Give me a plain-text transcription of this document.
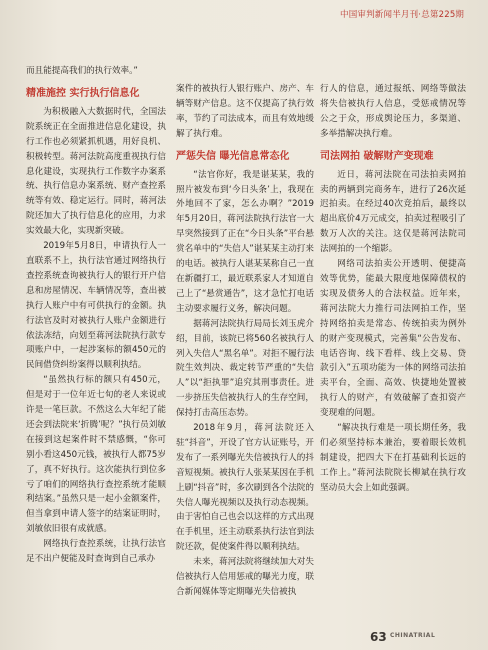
中国审判新闻半月刊·总第225期

而且能提高我们的执行效率。”

精准施控 实行执行信息化

为积极融入大数据时代，全国法院系统正在全面推进信息化建设，执行工作也必须紧抓机遇，用好良机、积极转型。蒋河法院高度重视执行信息化建设，实现执行工作数字办案系统、执行信息办案系统、财产查控系统等有效、稳定运行。同时，蒋河法院还加大了执行信息化的应用，力求实效最大化，实现新突破。

2019年5月8日，申请执行人一直联系不上，执行法官通过网络执行查控系统查询被执行人的银行开户信息和房屋情况、车辆情况等，查出被执行人账户中有可供执行的金额。执行法官及时对被执行人账户金额进行依法冻结，向划至蒋河法院执行款专项账户中，一起涉案标的额450元的民间借贷纠纷案得以顺利执结。

“虽然执行标的额只有450元，但是对于一位年近七旬的老人来说或许是一笔巨款。不然这么大年纪了能还会到法院来‘折腾’呢？”执行员刘敏在接到这起案件时不禁感慨，“你可别小看这450元钱，被执行人都75岁了，真不好执行。这次能执行到位多亏了咱们的网络执行查控系统才能顺利结案。”虽然只是一起小金额案件，但当拿到申请人签字的结案证明时，刘敏依旧很有成就感。

网络执行查控系统，让执行法官足不出户便能及时查询到自己承办

案件的被执行人银行账户、房产、车辆等财产信息。这不仅提高了执行效率，节约了司法成本，而且有效地缓解了执行难。

严惩失信 曝光信息常态化

“法官你好，我是谌某某，我的照片被发布到‘今日头条’上，我现在外地回不了家，怎么办啊？”2019年5月20日，蒋河法院执行法官一大早突然接到了正在“今日头条”平台悬赏名单中的“失信人”谌某某主动打来的电话。被执行人谌某某称自己一直在新疆打工，最近联系家人才知道自己上了“悬赏通告”，这才急忙打电话主动要求履行义务，解决问题。

据蒋河法院执行局局长刘玉虎介绍，目前，该院已将560名被执行人列入失信人“黑名单”。对拒不履行法院生效判决、裁定转节严重的“失信人”以“拒执罪”追究其刑事责任。进一步挤压失信被执行人的生存空间，保持打击高压态势。

2018年9月，蒋河法院还入驻“抖音”，开设了官方认证账号，开发布了一系列曝光失信被执行人的抖音短视频。被执行人张某某因在手机上刷“抖音”时，多次刷到各个法院的失信人曝光视频以及执行动态视频。由于害怕自己也会以这样的方式出现在手机里，还主动联系执行法官到法院还款，促使案件得以顺利执结。

未来，蒋河法院将继续加大对失信被执行人信用惩戒的曝光力度，联合新闻媒体等定期曝光失信被执

行人的信息，通过报纸、网络等做法将失信被执行人信息，受惩戒情况等公之于众，形成舆论压力，多渠道、多举措解决执行难。

司法网拍 破解财产变现难

近日，蒋河法院在司法拍卖网拍卖的两辆到完商务车，进行了26次延迟拍卖。在经过40次竞拍后，最终以超出底价4万元成交，拍卖过程吸引了数万人次的关注。这仅是蒋河法院司法网拍的一个缩影。

网络司法拍卖公开透明、便捷高效等优势，能最大限度地保障债权的实现及债务人的合法权益。近年来，蒋河法院大力推行司法网拍工作，坚持网络拍卖是常态、传统拍卖为例外的财产变现模式，完善集“公告发布、电话咨询、线下看样、线上交易、贷款引入”五项功能为一体的网络司法拍卖平台，全面、高效、快捷地处置被执行人的财产，有效破解了查扣资产变现难的问题。

“解决执行难是一项长期任务，我们必须坚持标本兼治，要着眼长效机制建设，把四大下在打基础利长远的工作上。”蒋河法院院长柳斌在执行攻坚动员大会上如此强调。

63 CHINATRIAL
